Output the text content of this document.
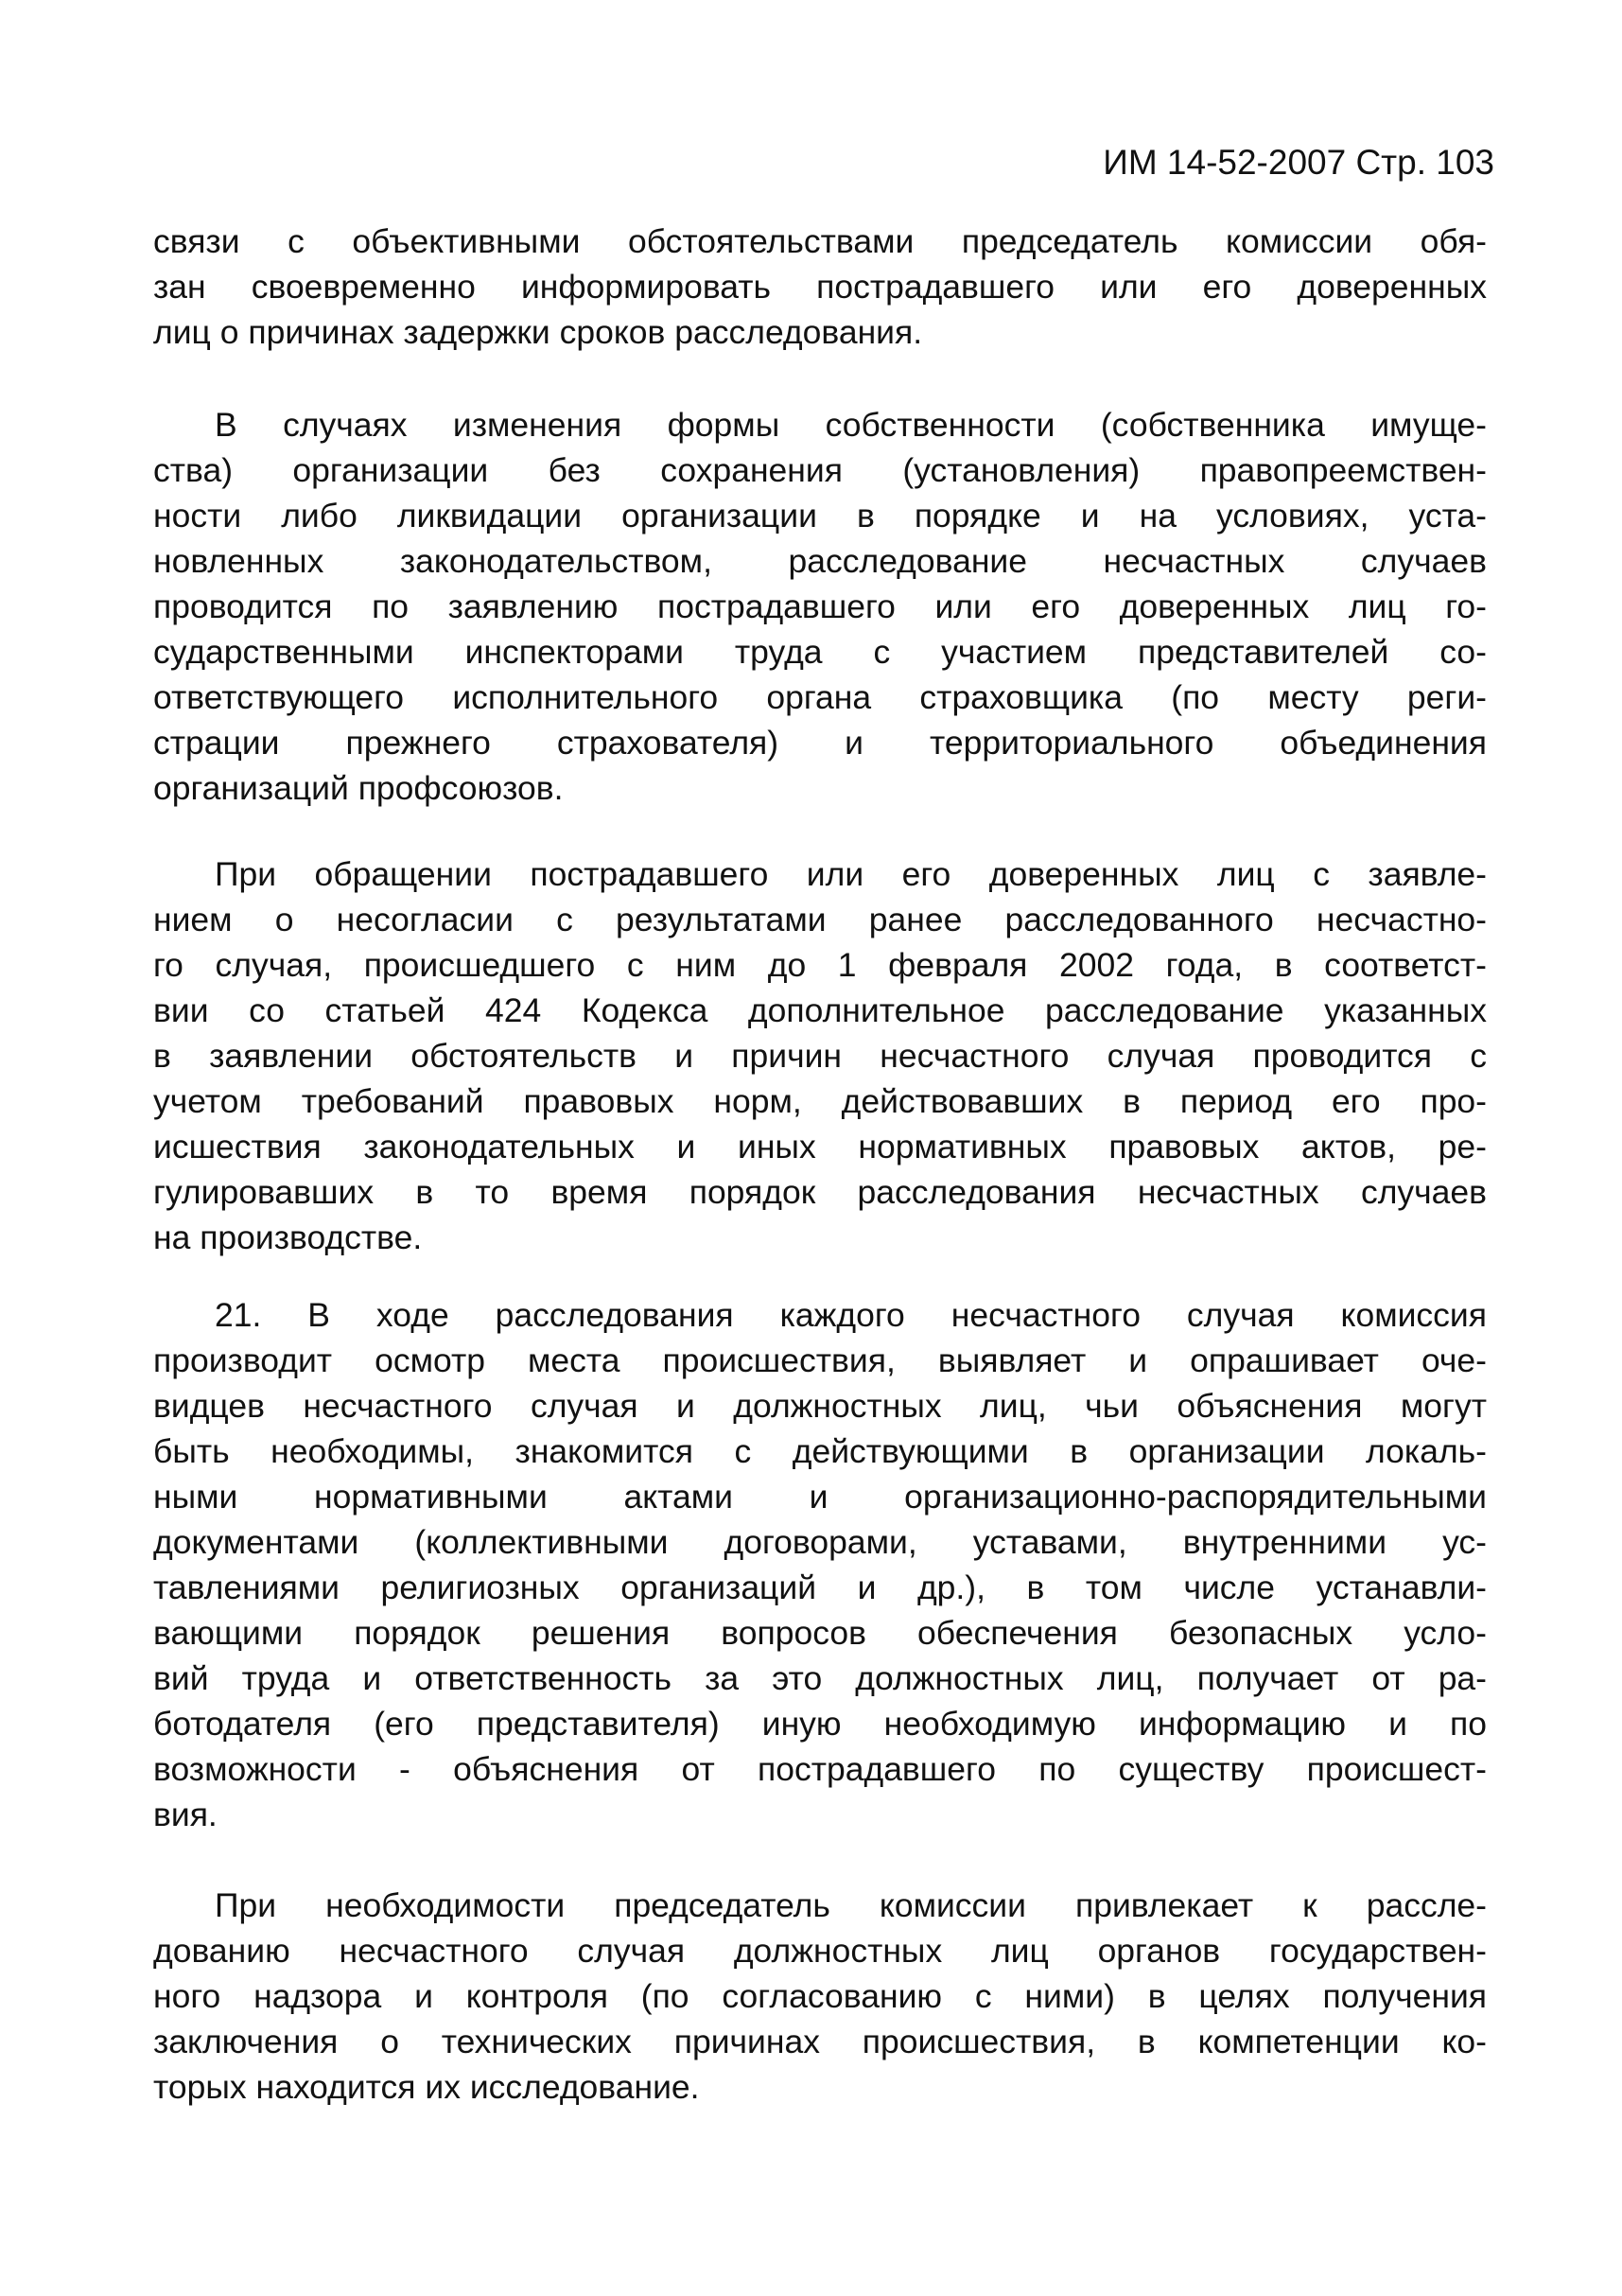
ИМ 14-52-2007 Стр. 103
связи с объективными обстоятельствами председатель комиссии обя-
зан своевременно информировать пострадавшего или его доверенных
лиц о причинах задержки сроков расследования.
В случаях изменения формы собственности (собственника имуще-
ства) организации без сохранения (установления) правопреемствен-
ности либо ликвидации организации в порядке и на условиях, уста-
новленных законодательством, расследование несчастных случаев
проводится по заявлению пострадавшего или его доверенных лиц го-
сударственными инспекторами труда с участием представителей со-
ответствующего исполнительного органа страховщика (по месту реги-
страции прежнего страхователя) и территориального объединения
организаций профсоюзов.
При обращении пострадавшего или его доверенных лиц с заявле-
нием о несогласии с результатами ранее расследованного несчастно-
го случая, происшедшего с ним до 1 февраля 2002 года, в соответст-
вии со статьей 424 Кодекса дополнительное расследование указанных
в заявлении обстоятельств и причин несчастного случая проводится с
учетом требований правовых норм, действовавших в период его про-
исшествия законодательных и иных нормативных правовых актов, ре-
гулировавших в то время порядок расследования несчастных случаев
на производстве.
21. В ходе расследования каждого несчастного случая комиссия
производит осмотр места происшествия, выявляет и опрашивает оче-
видцев несчастного случая и должностных лиц, чьи объяснения могут
быть необходимы, знакомится с действующими в организации локаль-
ными нормативными актами и организационно-распорядительными
документами (коллективными договорами, уставами, внутренними ус-
тавлениями религиозных организаций и др.), в том числе устанавли-
вающими порядок решения вопросов обеспечения безопасных усло-
вий труда и ответственность за это должностных лиц, получает от ра-
ботодателя (его представителя) иную необходимую информацию и по
возможности - объяснения от пострадавшего по существу происшест-
вия.
При необходимости председатель комиссии привлекает к рассле-
дованию несчастного случая должностных лиц органов государствен-
ного надзора и контроля (по согласованию с ними) в целях получения
заключения о технических причинах происшествия, в компетенции ко-
торых находится их исследование.
